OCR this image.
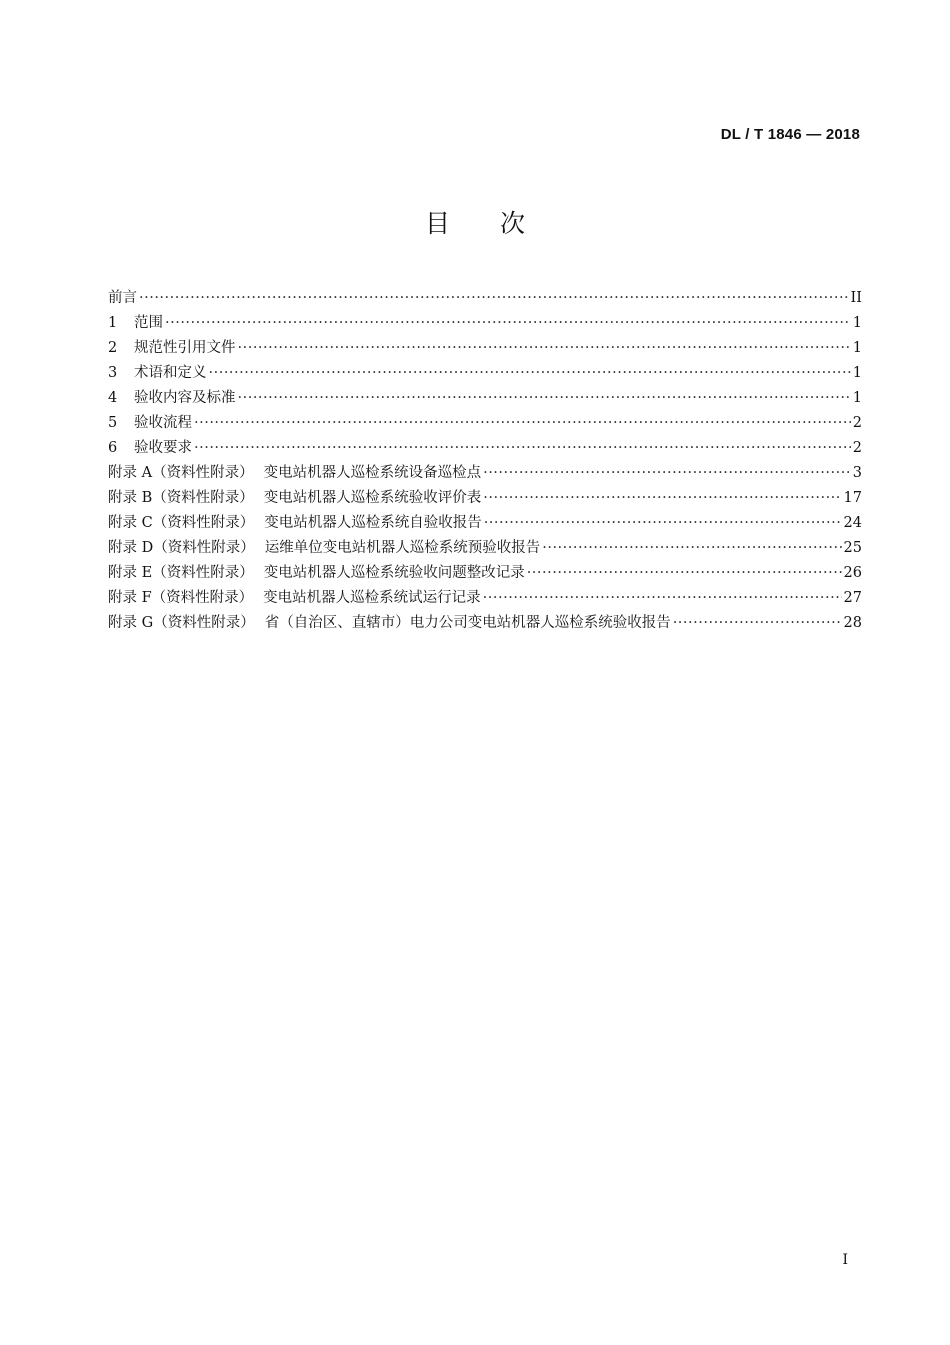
DL / T 1846 — 2018
目 次
前言 ·····	II
1	范围 ·····	1
2	规范性引用文件 ·····	1
3	术语和定义 ·····	1
4	验收内容及标准 ·····	1
5	验收流程 ·····	2
6	验收要求 ·····	2
附录 A（资料性附录） 变电站机器人巡检系统设备巡检点 ·····	3
附录 B（资料性附录） 变电站机器人巡检系统验收评价表 ·····	17
附录 C（资料性附录） 变电站机器人巡检系统自验收报告 ·····	24
附录 D（资料性附录） 运维单位变电站机器人巡检系统预验收报告 ·····	25
附录 E（资料性附录） 变电站机器人巡检系统验收问题整改记录 ·····	26
附录 F（资料性附录） 变电站机器人巡检系统试运行记录 ·····	27
附录 G（资料性附录） 省（自治区、直辖市）电力公司变电站机器人巡检系统验收报告 ·····	28
I
